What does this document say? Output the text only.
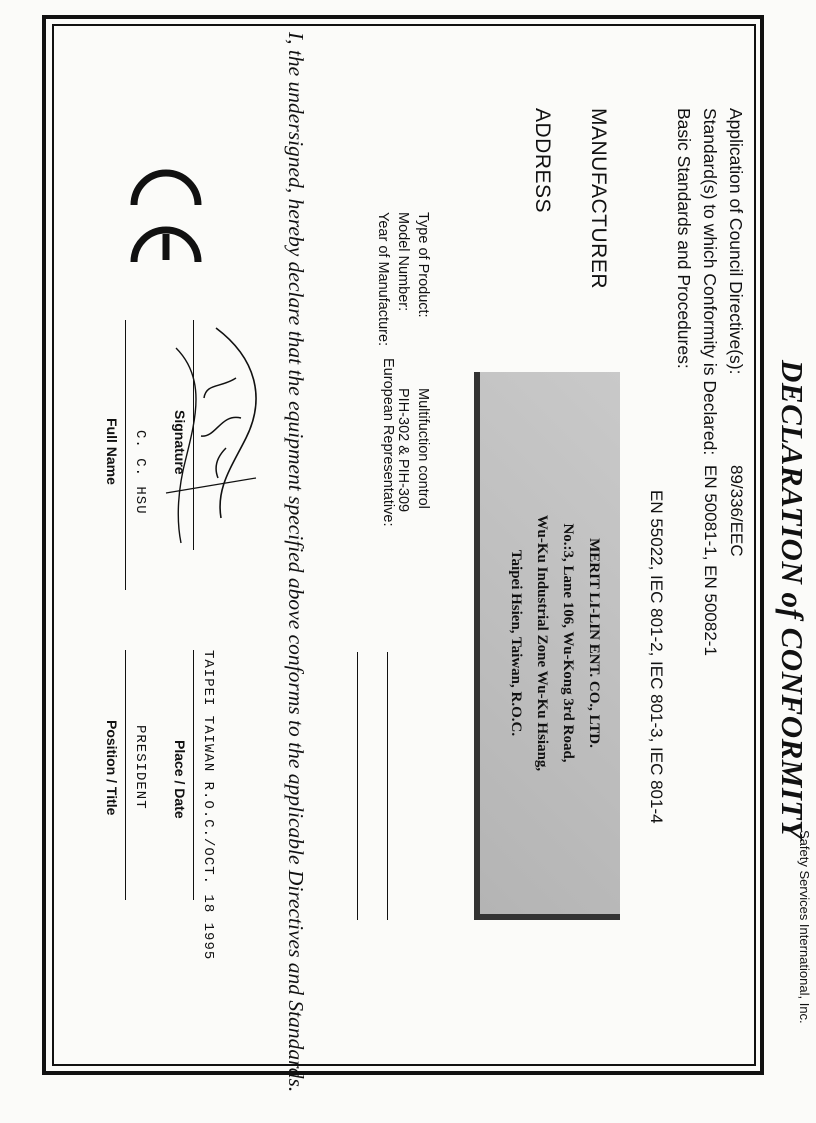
Safety Services International, Inc.
DECLARATION of CONFORMITY
Application of Council Directive(s):
89/336/EEC
Standard(s) to which Conformity is Declared:
EN 50081-1, EN 50082-1
Basic Standards and Procedures:
EN 55022, IEC 801-2, IEC 801-3, IEC 801-4
MANUFACTURER
ADDRESS
MERIT LI-LIN ENT. CO., LTD.
No.:3, Lane 106, Wu-Kong 3rd Road,
Wu-Ku Industrial Zone Wu-Ku Hsiang,
Taipei Hsien, Taiwan, R.O.C.
European Representative:
Type of Product:
Multifuction control
Model Number:
PIH-302 & PIH-309
Year of Manufacture:
I, the undersigned, hereby declare that the equipment specified above conforms to the applicable Directives and Standards.
Signature
TAIPEI TAIWAN R.O.C./OCT. 18 1995
Place / Date
C. C. HSU
Full Name
PRESIDENT
Position / Title
